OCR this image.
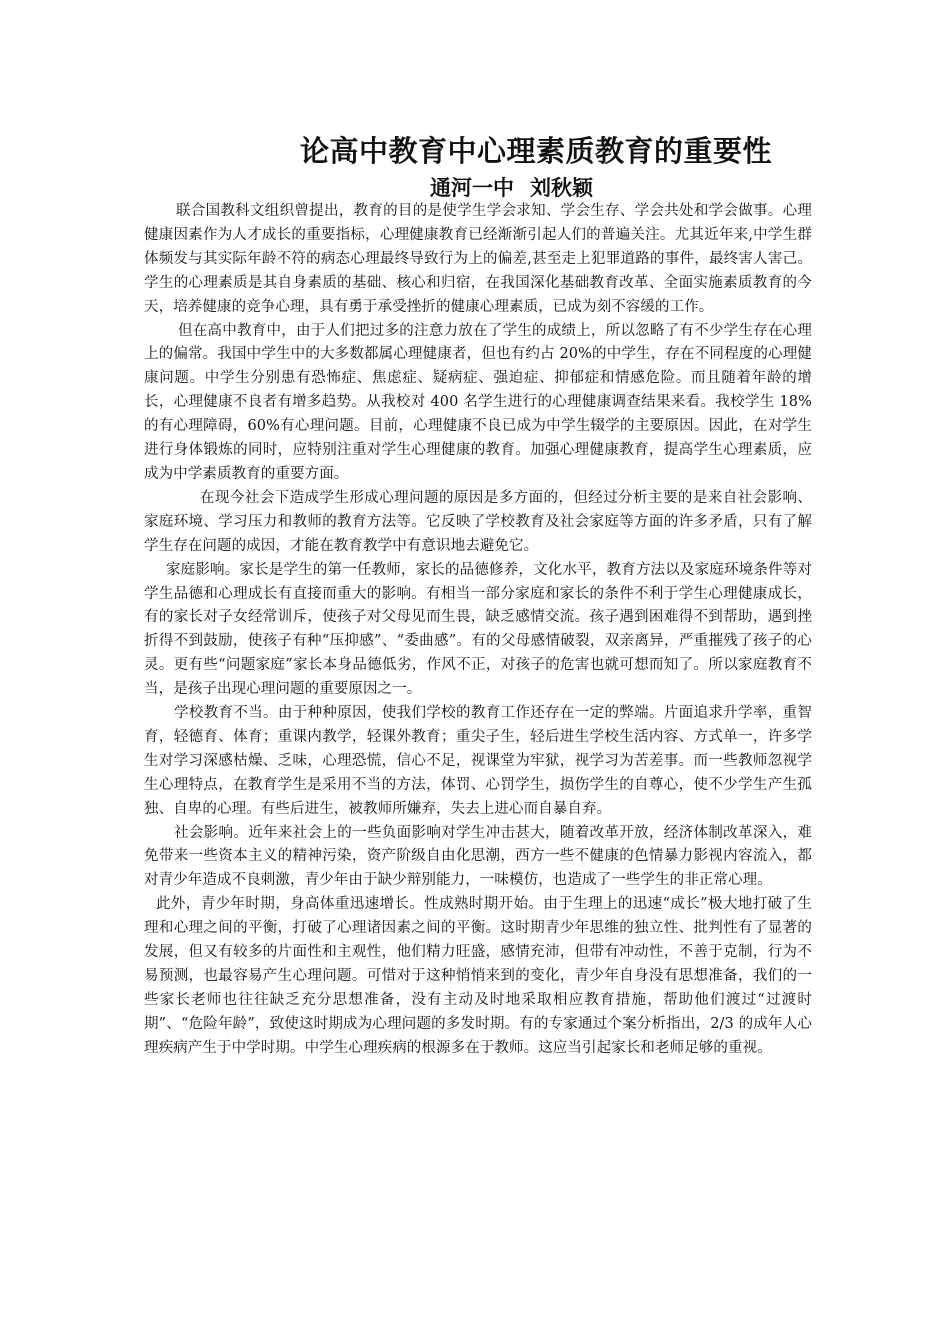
论高中教育中心理素质教育的重要性
通河一中 刘秋颖

联合国教科文组织曾提出，教育的目的是使学生学会求知、学会生存、学会共处和学会做事。心理健康因素作为人才成长的重要指标，心理健康教育已经渐渐引起人们的普遍关注。尤其近年来,中学生群体频发与其实际年龄不符的病态心理最终导致行为上的偏差,甚至走上犯罪道路的事件，最终害人害己。学生的心理素质是其自身素质的基础、核心和归宿，在我国深化基础教育改革、全面实施素质教育的今天，培养健康的竞争心理，具有勇于承受挫折的健康心理素质，已成为刻不容缓的工作。

但在高中教育中，由于人们把过多的注意力放在了学生的成绩上，所以忽略了有不少学生存在心理上的偏常。我国中学生中的大多数都属心理健康者，但也有约占 20%的中学生，存在不同程度的心理健康问题。中学生分别患有恐怖症、焦虑症、疑病症、强迫症、抑郁症和情感危险。而且随着年龄的增长，心理健康不良者有增多趋势。从我校对 400 名学生进行的心理健康调查结果来看。我校学生 18%的有心理障碍，60%有心理问题。目前，心理健康不良已成为中学生辍学的主要原因。因此，在对学生进行身体锻炼的同时，应特别注重对学生心理健康的教育。加强心理健康教育，提高学生心理素质，应成为中学素质教育的重要方面。

在现今社会下造成学生形成心理问题的原因是多方面的，但经过分析主要的是来自社会影响、家庭环境、学习压力和教师的教育方法等。它反映了学校教育及社会家庭等方面的许多矛盾，只有了解学生存在问题的成因，才能在教育教学中有意识地去避免它。

家庭影响。家长是学生的第一任教师，家长的品德修养，文化水平，教育方法以及家庭环境条件等对学生品德和心理成长有直接而重大的影响。有相当一部分家庭和家长的条件不利于学生心理健康成长，有的家长对子女经常训斥，使孩子对父母见而生畏，缺乏感情交流。孩子遇到困难得不到帮助，遇到挫折得不到鼓励，使孩子有种“压抑感”、“委曲感”。有的父母感情破裂，双亲离异，严重摧残了孩子的心灵。更有些“问题家庭”家长本身品德低劣，作风不正，对孩子的危害也就可想而知了。所以家庭教育不当，是孩子出现心理问题的重要原因之一。

学校教育不当。由于种种原因，使我们学校的教育工作还存在一定的弊端。片面追求升学率，重智育，轻德育、体育；重课内教学，轻课外教育；重尖子生，轻后进生学校生活内容、方式单一，许多学生对学习深感枯燥、乏味，心理恐慌，信心不足，视课堂为牢狱，视学习为苦差事。而一些教师忽视学生心理特点，在教育学生是采用不当的方法，体罚、心罚学生，损伤学生的自尊心，使不少学生产生孤独、自卑的心理。有些后进生，被教师所嫌弃，失去上进心而自暴自弃。

社会影响。近年来社会上的一些负面影响对学生冲击甚大，随着改革开放，经济体制改革深入，难免带来一些资本主义的精神污染，资产阶级自由化思潮，西方一些不健康的色情暴力影视内容流入，都对青少年造成不良刺激，青少年由于缺少辩别能力，一味模仿，也造成了一些学生的非正常心理。

此外，青少年时期，身高体重迅速增长。性成熟时期开始。由于生理上的迅速“成长”极大地打破了生理和心理之间的平衡，打破了心理诸因素之间的平衡。这时期青少年思维的独立性、批判性有了显著的发展，但又有较多的片面性和主观性，他们精力旺盛，感情充沛，但带有冲动性，不善于克制，行为不易预测，也最容易产生心理问题。可惜对于这种悄悄来到的变化，青少年自身没有思想准备，我们的一些家长老师也往往缺乏充分思想准备，没有主动及时地采取相应教育措施，帮助他们渡过“过渡时期”、“危险年龄”，致使这时期成为心理问题的多发时期。有的专家通过个案分析指出，2/3 的成年人心理疾病产生于中学时期。中学生心理疾病的根源多在于教师。这应当引起家长和老师足够的重视。
